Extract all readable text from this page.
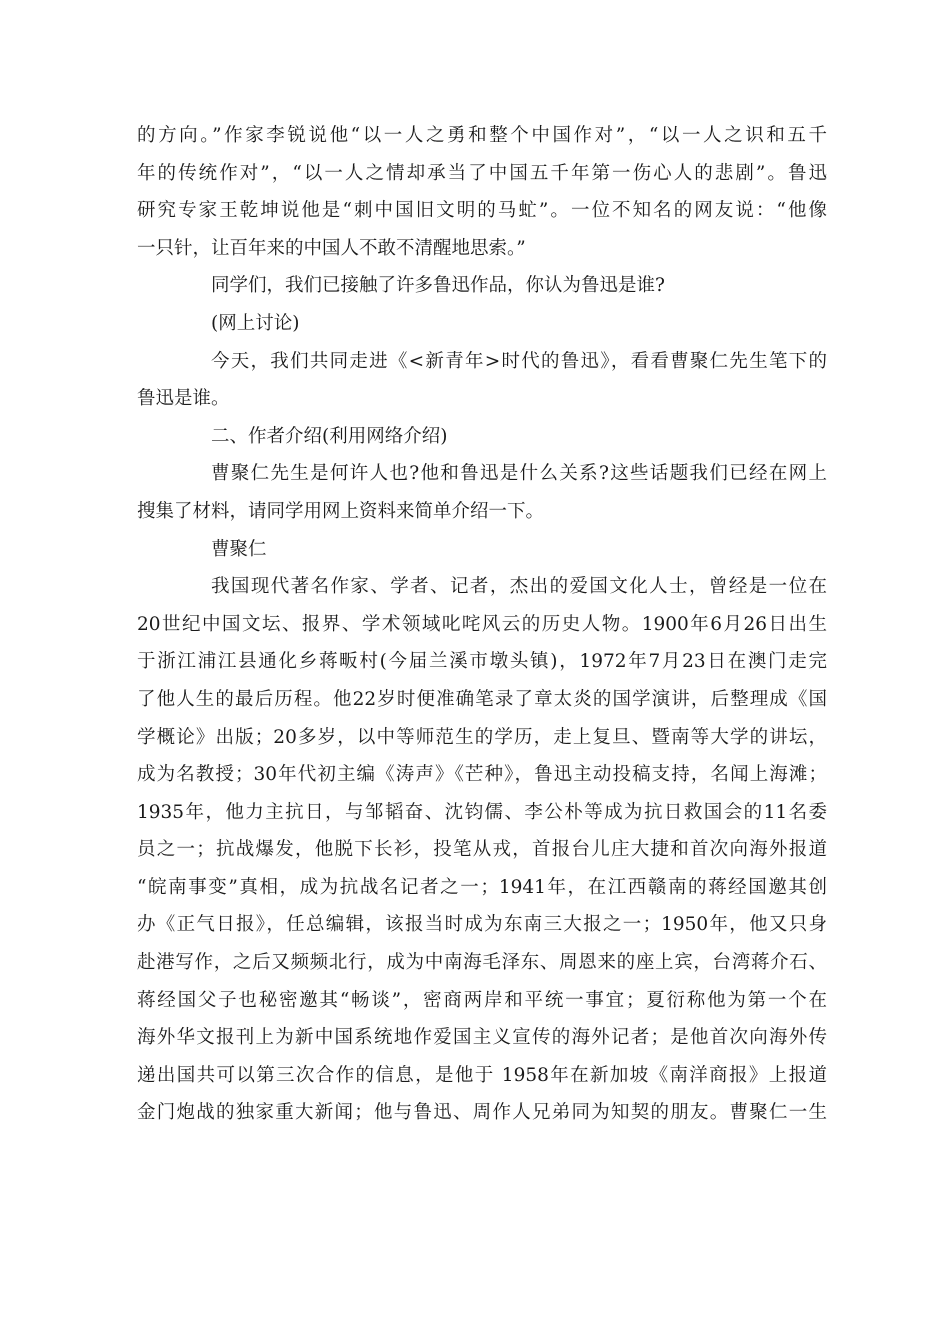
的方向。”作家李锐说他“以一人之勇和整个中国作对”，“以一人之识和五千
年的传统作对”，“以一人之情却承当了中国五千年第一伤心人的悲剧”。鲁迅
研究专家王乾坤说他是“刺中国旧文明的马虻”。一位不知名的网友说：“他像
一只针，让百年来的中国人不敢不清醒地思索。”
同学们，我们已接触了许多鲁迅作品，你认为鲁迅是谁?
(网上讨论)
今天，我们共同走进《<新青年>时代的鲁迅》，看看曹聚仁先生笔下的
鲁迅是谁。
二、作者介绍(利用网络介绍)
曹聚仁先生是何许人也?他和鲁迅是什么关系?这些话题我们已经在网上
搜集了材料，请同学用网上资料来简单介绍一下。
曹聚仁
我国现代著名作家、学者、记者，杰出的爱国文化人士，曾经是一位在
20世纪中国文坛、报界、学术领域叱咤风云的历史人物。1900年6月26日出生
于浙江浦江县通化乡蒋畈村(今届兰溪市墩头镇)，1972年7月23日在澳门走完
了他人生的最后历程。他22岁时便准确笔录了章太炎的国学演讲，后整理成《国
学概论》出版；20多岁，以中等师范生的学历，走上复旦、暨南等大学的讲坛，
成为名教授；30年代初主编《涛声》《芒种》，鲁迅主动投稿支持，名闻上海滩；
1935年，他力主抗日，与邹韬奋、沈钧儒、李公朴等成为抗日救国会的11名委
员之一；抗战爆发，他脱下长衫，投笔从戎，首报台儿庄大捷和首次向海外报道
“皖南事变”真相，成为抗战名记者之一；1941年，在江西赣南的蒋经国邀其创
办《正气日报》，任总编辑，该报当时成为东南三大报之一；1950年，他又只身
赴港写作，之后又频频北行，成为中南海毛泽东、周恩来的座上宾，台湾蒋介石、
蒋经国父子也秘密邀其“畅谈”，密商两岸和平统一事宜；夏衍称他为第一个在
海外华文报刊上为新中国系统地作爱国主义宣传的海外记者；是他首次向海外传
递出国共可以第三次合作的信息，是他于 1958年在新加坡《南洋商报》上报道
金门炮战的独家重大新闻；他与鲁迅、周作人兄弟同为知契的朋友。曹聚仁一生
